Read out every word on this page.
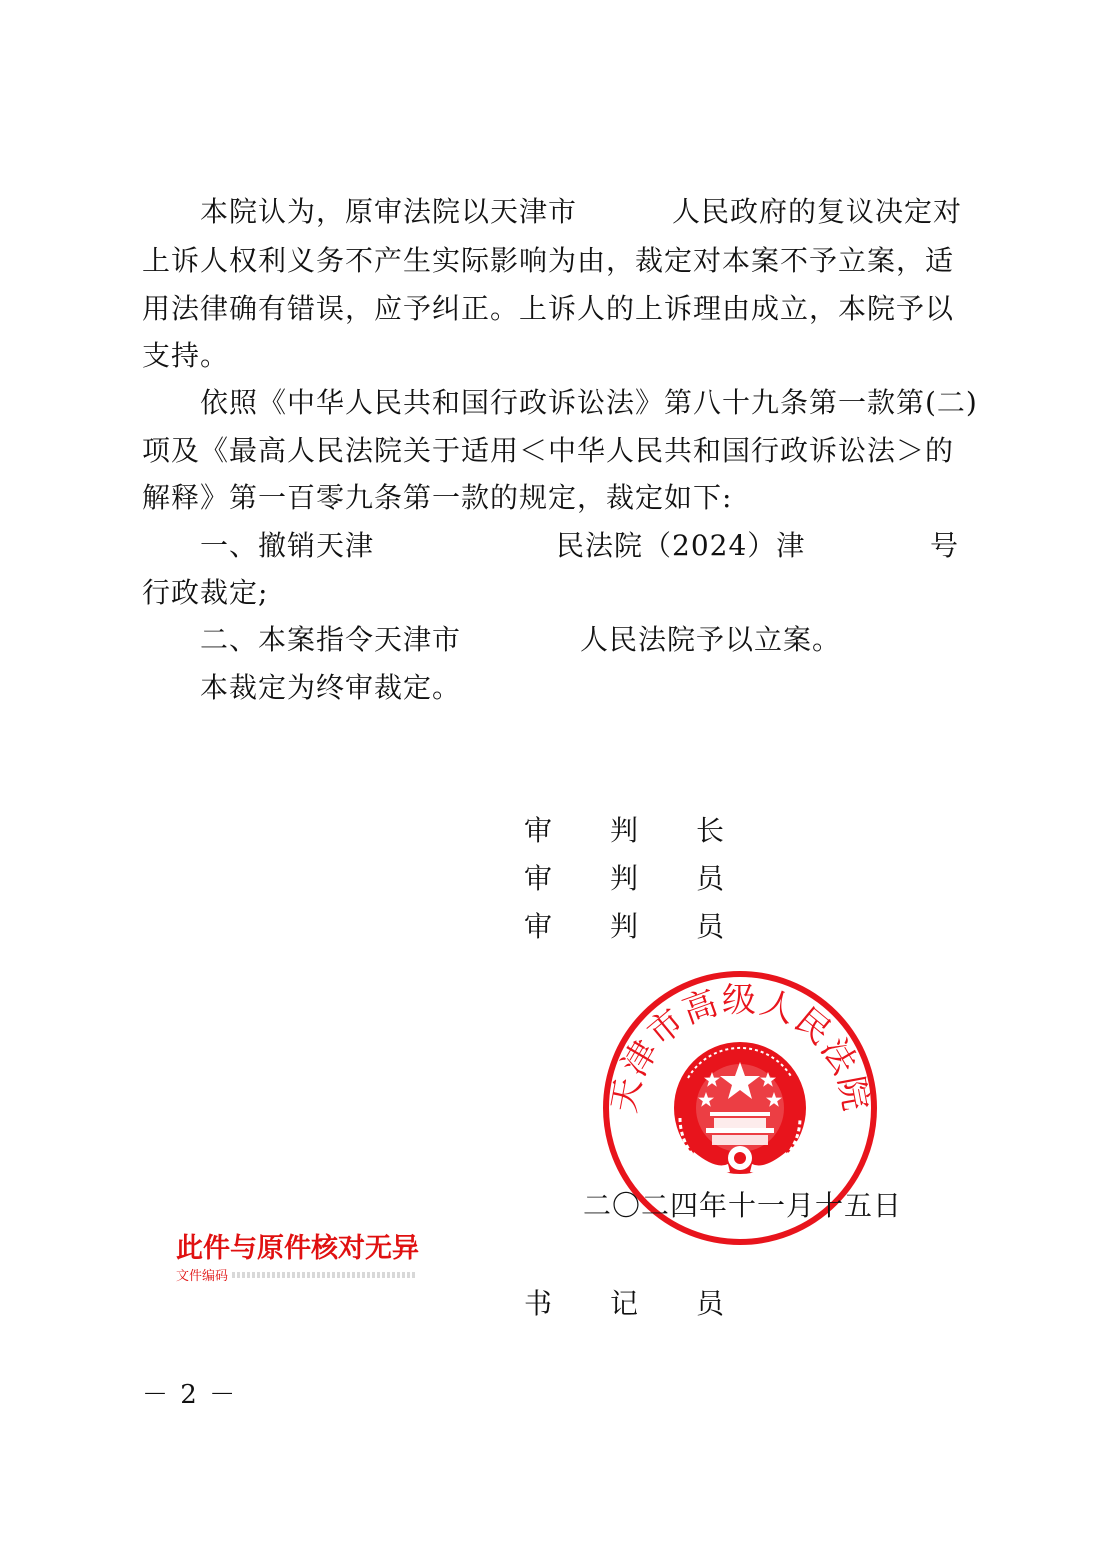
本院认为，原审法院以天津市	人民政府的复议决定对
上诉人权利义务不产生实际影响为由，裁定对本案不予立案，适
用法律确有错误，应予纠正。上诉人的上诉理由成立，本院予以
支持。
依照《中华人民共和国行政诉讼法》第八十九条第一款第(二)
项及《最高人民法院关于适用＜中华人民共和国行政诉讼法＞的
解释》第一百零九条第一款的规定，裁定如下:
一、撤销天津	民法院（2024）津	号
行政裁定;
二、本案指令天津市	人民法院予以立案。
本裁定为终审裁定。
审 判 长
审 判 员
审 判 员
天津市高级人民法院
二〇二四年十一月十五日
此件与原件核对无异
文件编码
书 记 员
－ 2 －
